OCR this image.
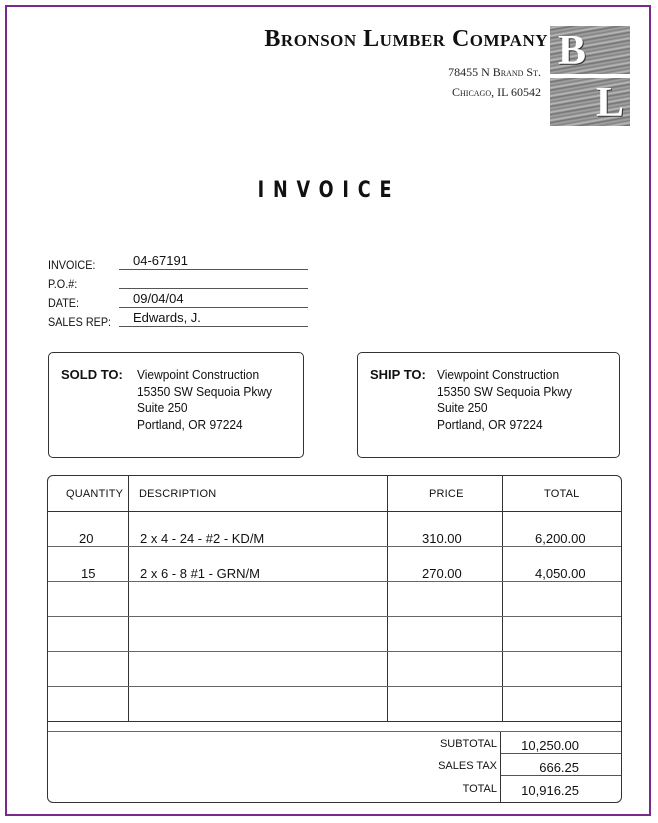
Bronson Lumber Company
78455 N Brand St.
Chicago, IL 60542
B
L
INVOICE
INVOICE:	04-67191
P.O.#:
DATE:	09/04/04
SALES REP:	Edwards, J.
SOLD TO: Viewpoint Construction
15350 SW Sequoia Pkwy
Suite 250
Portland, OR 97224
SHIP TO: Viewpoint Construction
15350 SW Sequoia Pkwy
Suite 250
Portland, OR 97224
QUANTITY DESCRIPTION	PRICE	TOTAL
20	2 x 4 - 24 - #2 - KD/M	310.00	6,200.00
15	2 x 6 - 8 #1 - GRN/M	270.00	4,050.00
SUBTOTAL	10,250.00
SALES TAX	666.25
TOTAL	10,916.25
